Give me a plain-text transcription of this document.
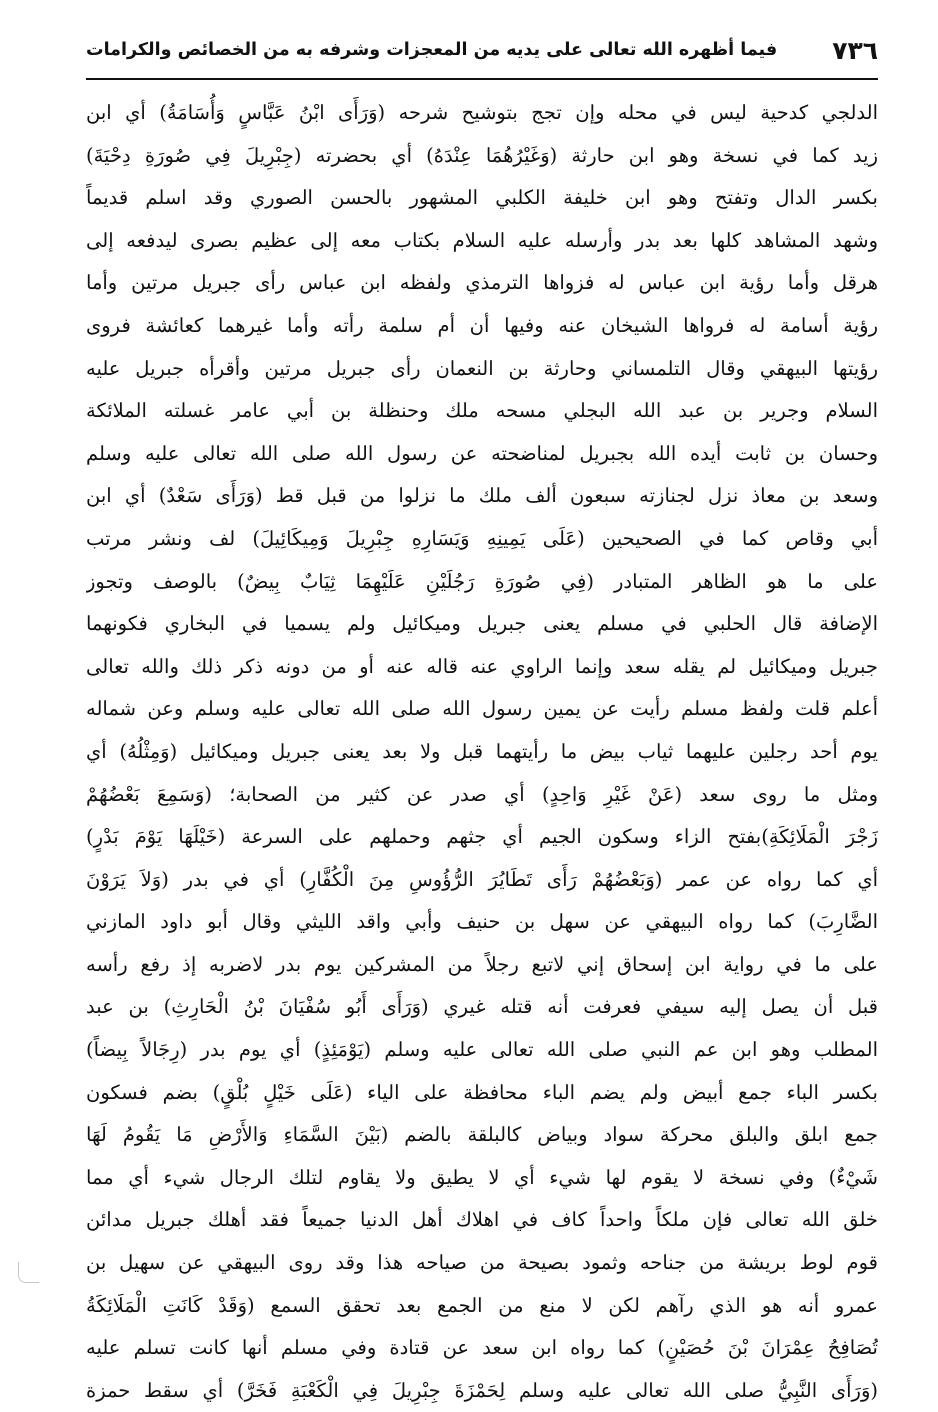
٧٣٦
فيما أظهره الله تعالى على يديه من المعجزات وشرفه به من الخصائص والكرامات
الدلجي كدحية ليس في محله وإن تجج بتوشيح شرحه (وَرَأَى ابْنُ عَبَّاسٍ وَأُسَامَةُ) أي ابن
زيد كما في نسخة وهو ابن حارثة (وَغَيْرُهُمَا عِنْدَهُ) أي بحضرته (جِبْرِيلَ فِي صُورَةِ دِحْيَةَ)
بكسر الدال وتفتح وهو ابن خليفة الكلبي المشهور بالحسن الصوري وقد اسلم قديماً
وشهد المشاهد كلها بعد بدر وأرسله عليه السلام بكتاب معه إلى عظيم بصرى ليدفعه إلى
هرقل وأما رؤية ابن عباس له فزواها الترمذي ولفظه ابن عباس رأى جبريل مرتين وأما
رؤية أسامة له فرواها الشيخان عنه وفيها أن أم سلمة رأته وأما غيرهما كعائشة فروى
رؤيتها البيهقي وقال التلمساني وحارثة بن النعمان رأى جبريل مرتين وأقرأه جبريل عليه
السلام وجرير بن عبد الله البجلي مسحه ملك وحنظلة بن أبي عامر غسلته الملائكة
وحسان بن ثابت أيده الله بجبريل لمناضحته عن رسول الله صلى الله تعالى عليه وسلم
وسعد بن معاذ نزل لجنازته سبعون ألف ملك ما نزلوا من قبل قط (وَرَأَى سَعْدٌ) أي ابن
أبي وقاص كما في الصحيحين (عَلَى يَمِينِهِ وَيَسَارِهِ جِبْرِيلَ وَمِيكَائِيلَ) لف ونشر مرتب
على ما هو الظاهر المتبادر (فِي صُورَةِ رَجُلَيْنِ عَلَيْهِمَا ثِيَابٌ بِيضٌ) بالوصف وتجوز
الإضافة قال الحلبي في مسلم يعنى جبريل وميكائيل ولم يسميا في البخاري فكونهما
جبريل وميكائيل لم يقله سعد وإنما الراوي عنه قاله عنه أو من دونه ذكر ذلك والله تعالى
أعلم قلت ولفظ مسلم رأيت عن يمين رسول الله صلى الله تعالى عليه وسلم وعن شماله
يوم أحد رجلين عليهما ثياب بيض ما رأيتهما قبل ولا بعد يعنى جبريل وميكائيل (وَمِثْلُهُ) أي
ومثل ما روى سعد (عَنْ غَيْرِ وَاحِدٍ) أي صدر عن كثير من الصحابة؛ (وَسَمِعَ بَعْضُهُمْ
زَجْرَ الْمَلَائِكَةِ)بفتح الزاء وسكون الجيم أي جثهم وحملهم على السرعة (خَيْلَهَا يَوْمَ بَدْرٍ)
أي كما رواه عن عمر (وَبَعْضُهُمْ رَأَى تَطَايُرَ الرُّؤُوسِ مِنَ الْكُفَّارِ) أي في بدر (وَلاَ يَرَوْنَ
الضَّارِبَ) كما رواه البيهقي عن سهل بن حنيف وأبي واقد الليثي وقال أبو داود المازني
على ما في رواية ابن إسحاق إني لاتبع رجلاً من المشركين يوم بدر لاضربه إذ رفع رأسه
قبل أن يصل إليه سيفي فعرفت أنه قتله غيري (وَرَأَى أَبُو سُفْيَانَ بْنُ الْحَارِثِ) بن عبد
المطلب وهو ابن عم النبي صلى الله تعالى عليه وسلم (يَوْمَئِذٍ) أي يوم بدر (رِجَالاً بِيضاً)
بكسر الباء جمع أبيض ولم يضم الباء محافظة على الياء (عَلَى خَيْلٍ بُلْقٍ) بضم فسكون
جمع ابلق والبلق محركة سواد وبياض كالبلقة بالضم (بَيْنَ السَّمَاءِ وَالأَرْضِ مَا يَقُومُ لَهَا
شَيْءٌ) وفي نسخة لا يقوم لها شيء أي لا يطيق ولا يقاوم لتلك الرجال شيء أي مما
خلق الله تعالى فإن ملكاً واحداً كاف في اهلاك أهل الدنيا جميعاً فقد أهلك جبريل مدائن
قوم لوط بريشة من جناحه وثمود بصيحة من صياحه هذا وقد روى البيهقي عن سهيل بن
عمرو أنه هو الذي رآهم لكن لا منع من الجمع بعد تحقق السمع (وَقَدْ كَانَتِ الْمَلَائِكَةُ
تُصَافِحُ عِمْرَانَ بْنَ حُصَيْنٍ) كما رواه ابن سعد عن قتادة وفي مسلم أنها كانت تسلم عليه
(وَرَأَى النَّبِيُّ صلى الله تعالى عليه وسلم لِحَمْزَةَ جِبْرِيلَ فِي الْكَعْبَةِ فَخَرَّ) أي سقط حمزة
